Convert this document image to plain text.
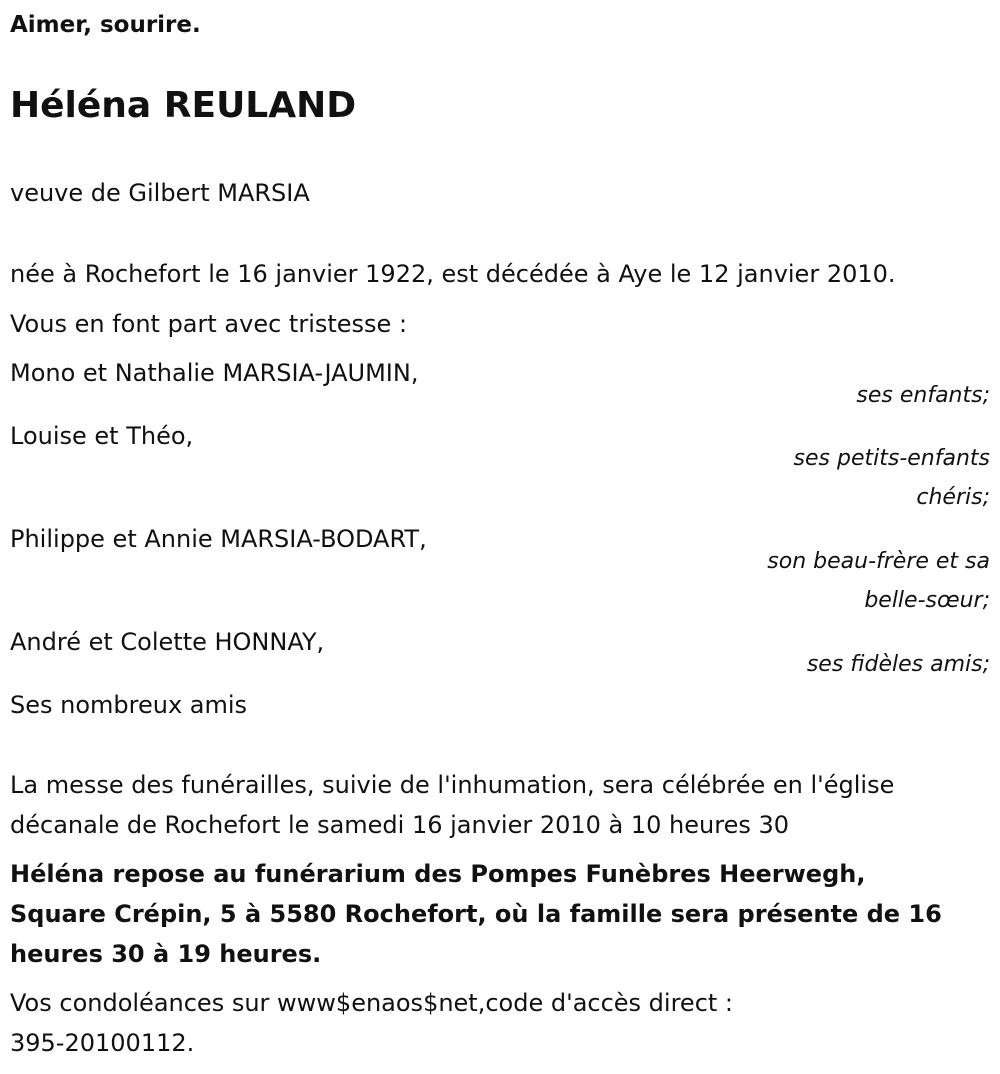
Aimer, sourire.
Héléna REULAND
veuve de Gilbert MARSIA
née à Rochefort le 16 janvier 1922, est décédée à Aye le 12 janvier 2010.
Vous en font part avec tristesse :
Mono et Nathalie MARSIA-JAUMIN,
ses enfants;
Louise et Théo,
ses petits-enfants
chéris;
Philippe et Annie MARSIA-BODART,
son beau-frère et sa
belle-sœur;
André et Colette HONNAY,
ses fidèles amis;
Ses nombreux amis
La messe des funérailles, suivie de l'inhumation, sera célébrée en l'église
décanale de Rochefort le samedi 16 janvier 2010 à 10 heures 30
Héléna repose au funérarium des Pompes Funèbres Heerwegh,
Square Crépin, 5 à 5580 Rochefort, où la famille sera présente de 16
heures 30 à 19 heures.
Vos condoléances sur www$enaos$net,code d'accès direct :
395-20100112.
